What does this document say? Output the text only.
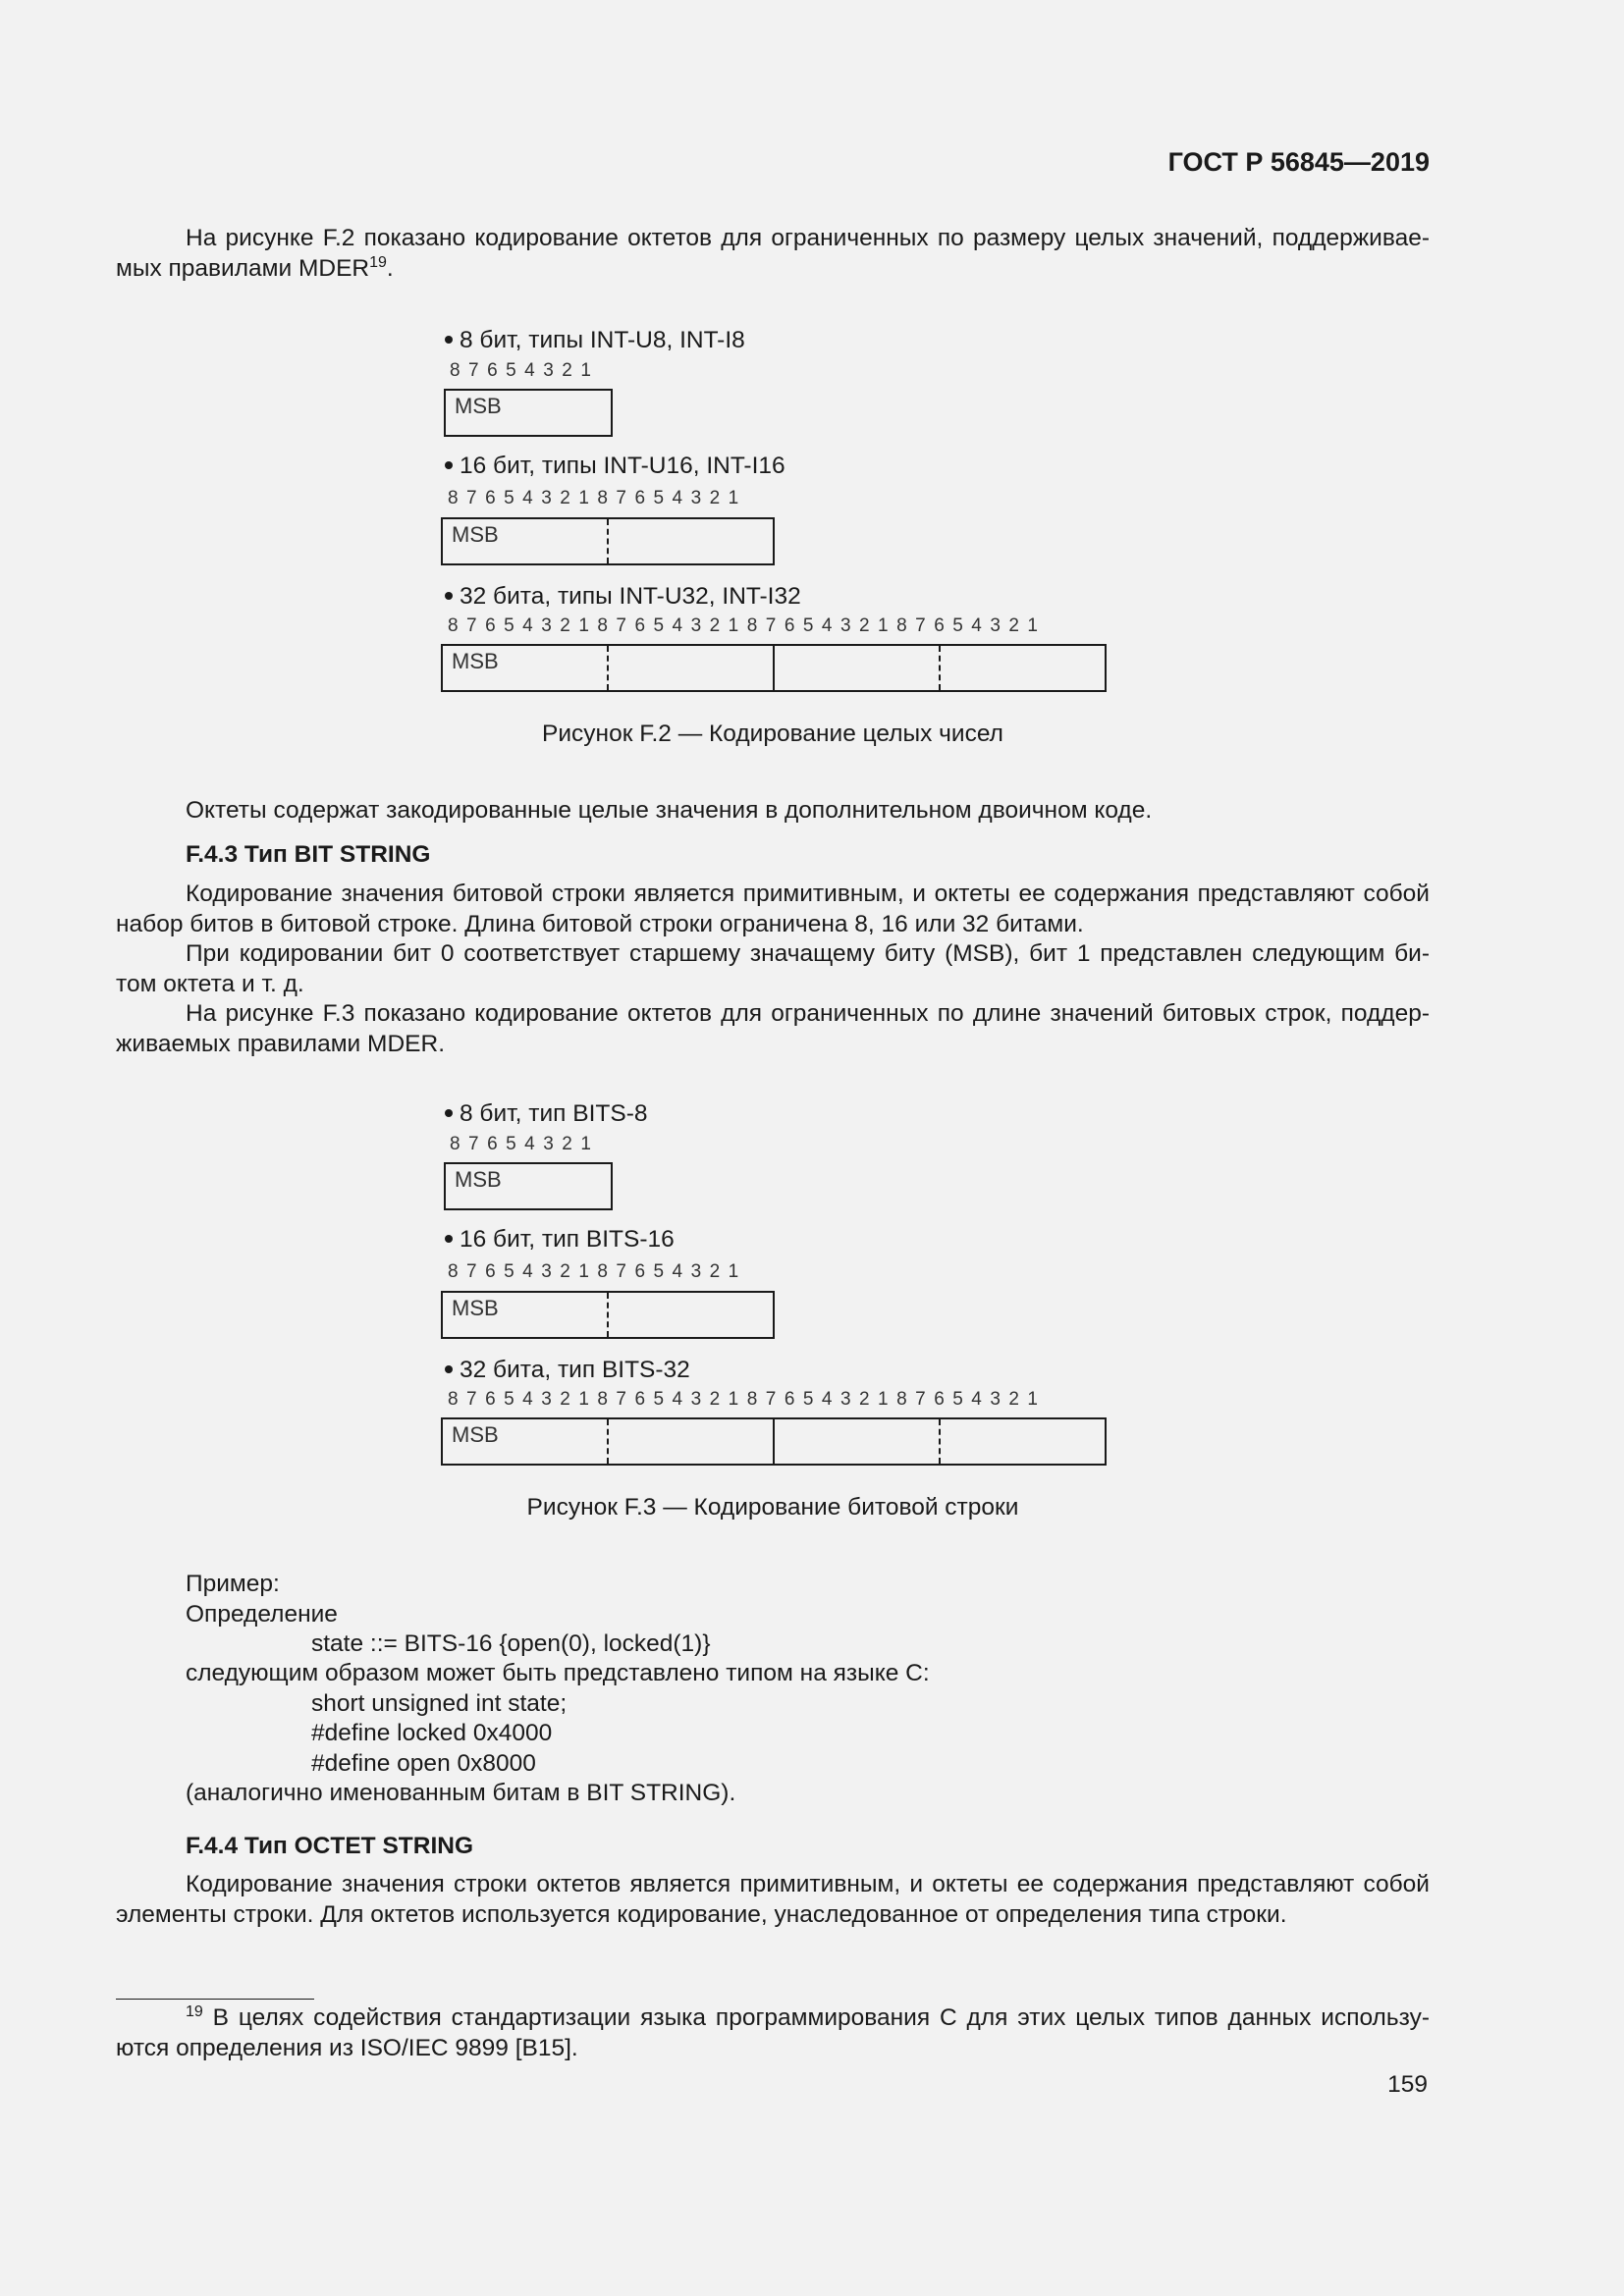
ГОСТ Р 56845—2019
На рисунке F.2 показано кодирование октетов для ограниченных по размеру целых значений, поддерживае-мых правилами MDER$^{19}$.
8 бит, типы INT-U8, INT-I8
8 7 6 5 4 3 2 1
MSB
16 бит, типы INT-U16, INT-I16
8 7 6 5 4 3 2 1 8 7 6 5 4 3 2 1
MSB
32 бита, типы INT-U32, INT-I32
8 7 6 5 4 3 2 1 8 7 6 5 4 3 2 1 8 7 6 5 4 3 2 1 8 7 6 5 4 3 2 1
MSB
Рисунок F.2 — Кодирование целых чисел
Октеты содержат закодированные целые значения в дополнительном двоичном коде.
F.4.3 Тип BIT STRING
Кодирование значения битовой строки является примитивным, и октеты ее содержания представляют собой набор битов в битовой строке. Длина битовой строки ограничена 8, 16 или 32 битами.
При кодировании бит 0 соответствует старшему значащему биту (MSB), бит 1 представлен следующим би-том октета и т. д.
На рисунке F.3 показано кодирование октетов для ограниченных по длине значений битовых строк, поддер-живаемых правилами MDER.
8 бит, тип BITS-8
8 7 6 5 4 3 2 1
MSB
16 бит, тип BITS-16
8 7 6 5 4 3 2 1 8 7 6 5 4 3 2 1
MSB
32 бита, тип BITS-32
8 7 6 5 4 3 2 1 8 7 6 5 4 3 2 1 8 7 6 5 4 3 2 1 8 7 6 5 4 3 2 1
MSB
Рисунок F.3 — Кодирование битовой строки
Пример:
Определение
state ::= BITS-16 {open(0), locked(1)}
следующим образом может быть представлено типом на языке C:
short unsigned int state;
#define locked 0x4000
#define open 0x8000
(аналогично именованным битам в BIT STRING).
F.4.4 Тип OCTET STRING
Кодирование значения строки октетов является примитивным, и октеты ее содержания представляют собой элементы строки. Для октетов используется кодирование, унаследованное от определения типа строки.
$^{19}$ В целях содействия стандартизации языка программирования C для этих целых типов данных использу-ются определения из ISO/IEC 9899 [B15].
159
